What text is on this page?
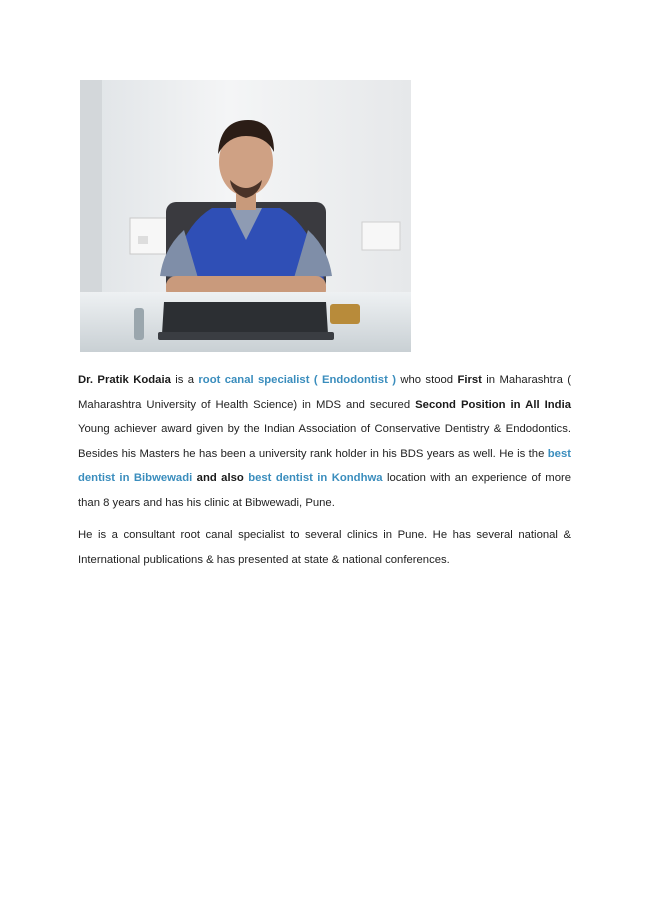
Dr. Pratik Kodaia is a root canal specialist ( Endodontist ) who stood First in Maharashtra ( Maharashtra University of Health Science) in MDS and secured Second Position in All India Young achiever award given by the Indian Association of Conservative Dentistry & Endodontics. Besides his Masters he has been a university rank holder in his BDS years as well. He is the best dentist in Bibwewadi and also best dentist in Kondhwa location with an experience of more than 8 years and has his clinic at Bibwewadi, Pune.

He is a consultant root canal specialist to several clinics in Pune. He has several national & International publications & has presented at state & national conferences.
